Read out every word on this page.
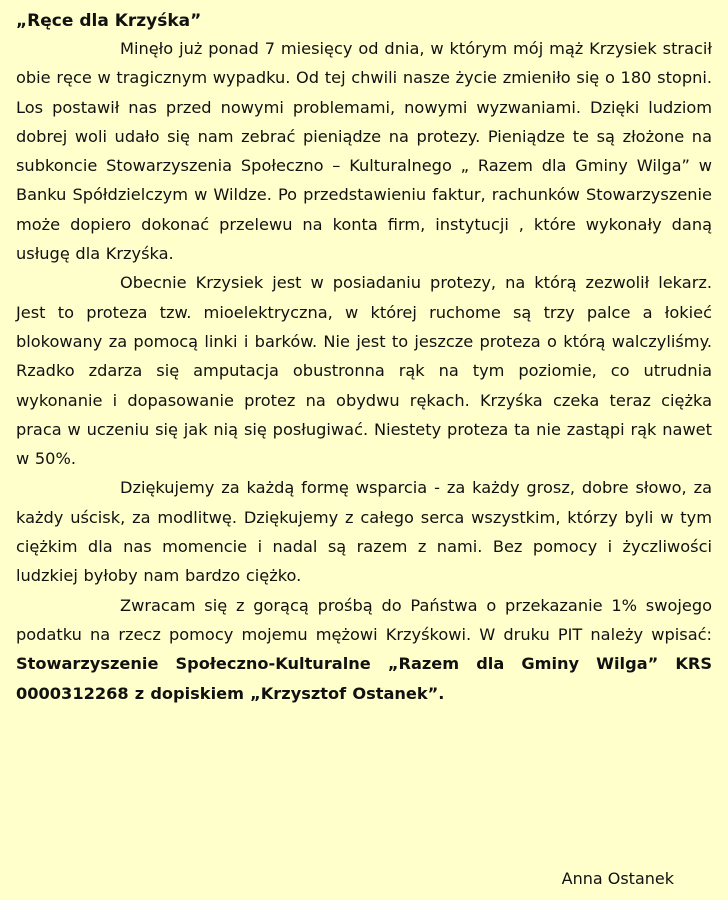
„Ręce dla Krzyśka”

Minęło już ponad 7 miesięcy od dnia, w którym mój mąż Krzysiek stracił obie ręce w tragicznym wypadku. Od tej chwili nasze życie zmieniło się o 180 stopni. Los postawił nas przed nowymi problemami, nowymi wyzwaniami. Dzięki ludziom dobrej woli udało się nam zebrać pieniądze na protezy. Pieniądze te są złożone na subkoncie Stowarzyszenia Społeczno – Kulturalnego „ Razem dla Gminy Wilga” w Banku Spółdzielczym w Wildze. Po przedstawieniu faktur, rachunków Stowarzyszenie może dopiero dokonać przelewu na konta firm, instytucji , które wykonały daną usługę dla Krzyśka.

Obecnie Krzysiek jest w posiadaniu protezy, na którą zezwolił lekarz. Jest to proteza tzw. mioelektryczna, w której ruchome są trzy palce a łokieć blokowany za pomocą linki i barków. Nie jest to jeszcze proteza o którą walczyliśmy. Rzadko zdarza się amputacja obustronna rąk na tym poziomie, co utrudnia wykonanie i dopasowanie protez na obydwu rękach. Krzyśka czeka teraz ciężka praca w uczeniu się jak nią się posługiwać. Niestety proteza ta nie zastąpi rąk nawet w 50%.

Dziękujemy za każdą formę wsparcia - za każdy grosz, dobre słowo, za każdy uścisk, za modlitwę. Dziękujemy z całego serca wszystkim, którzy byli w tym ciężkim dla nas momencie i nadal są razem z nami. Bez pomocy i życzliwości ludzkiej byłoby nam bardzo ciężko.

Zwracam się z gorącą prośbą do Państwa o przekazanie 1% swojego podatku na rzecz pomocy mojemu mężowi Krzyśkowi. W druku PIT należy wpisać: Stowarzyszenie Społeczno-Kulturalne „Razem dla Gminy Wilga” KRS 0000312268 z dopiskiem „Krzysztof Ostanek”.

Anna Ostanek
